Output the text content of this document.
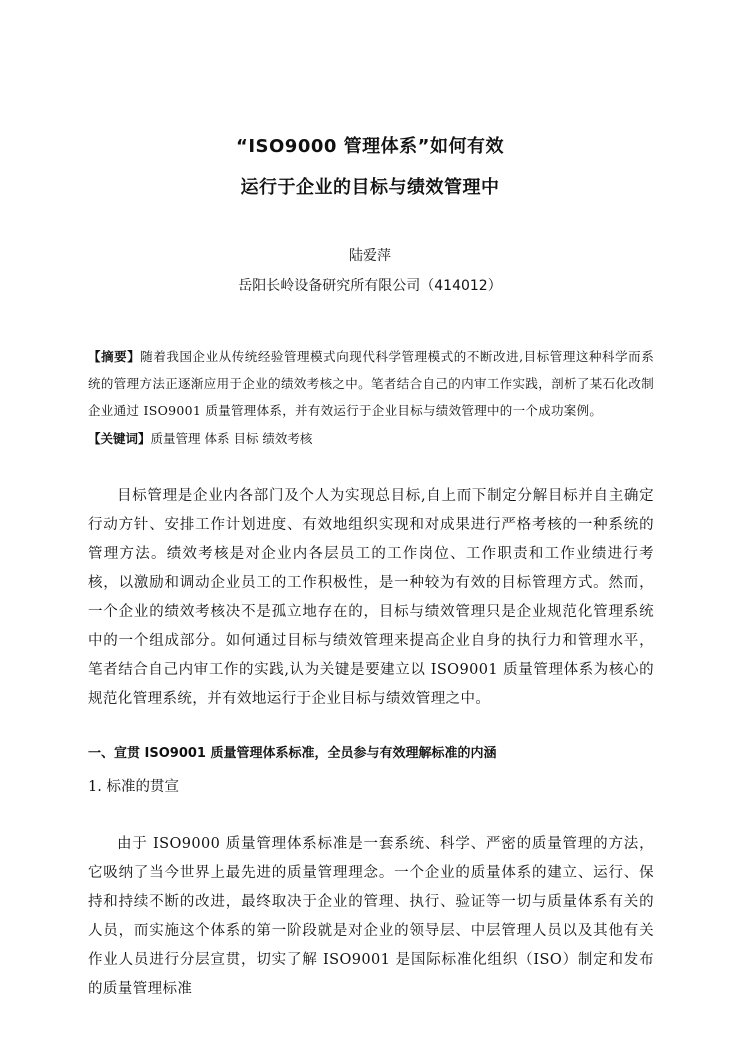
“ISO9000 管理体系”如何有效
运行于企业的目标与绩效管理中
陆爱萍
岳阳长岭设备研究所有限公司（414012）
【摘要】随着我国企业从传统经验管理模式向现代科学管理模式的不断改进,目标管理这种科学而系统的管理方法正逐渐应用于企业的绩效考核之中。笔者结合自己的内审工作实践，剖析了某石化改制企业通过 ISO9001 质量管理体系，并有效运行于企业目标与绩效管理中的一个成功案例。
【关键词】质量管理 体系 目标 绩效考核
目标管理是企业内各部门及个人为实现总目标,自上而下制定分解目标并自主确定行动方针、安排工作计划进度、有效地组织实现和对成果进行严格考核的一种系统的管理方法。绩效考核是对企业内各层员工的工作岗位、工作职责和工作业绩进行考核，以激励和调动企业员工的工作积极性，是一种较为有效的目标管理方式。然而，一个企业的绩效考核决不是孤立地存在的，目标与绩效管理只是企业规范化管理系统中的一个组成部分。如何通过目标与绩效管理来提高企业自身的执行力和管理水平，笔者结合自己内审工作的实践,认为关键是要建立以 ISO9001 质量管理体系为核心的规范化管理系统，并有效地运行于企业目标与绩效管理之中。
一、宣贯 ISO9001 质量管理体系标准，全员参与有效理解标准的内涵
1. 标准的贯宣
由于 ISO9000 质量管理体系标准是一套系统、科学、严密的质量管理的方法，它吸纳了当今世界上最先进的质量管理理念。一个企业的质量体系的建立、运行、保持和持续不断的改进，最终取决于企业的管理、执行、验证等一切与质量体系有关的人员，而实施这个体系的第一阶段就是对企业的领导层、中层管理人员以及其他有关作业人员进行分层宣贯，切实了解 ISO9001 是国际标准化组织（ISO）制定和发布的质量管理标准
